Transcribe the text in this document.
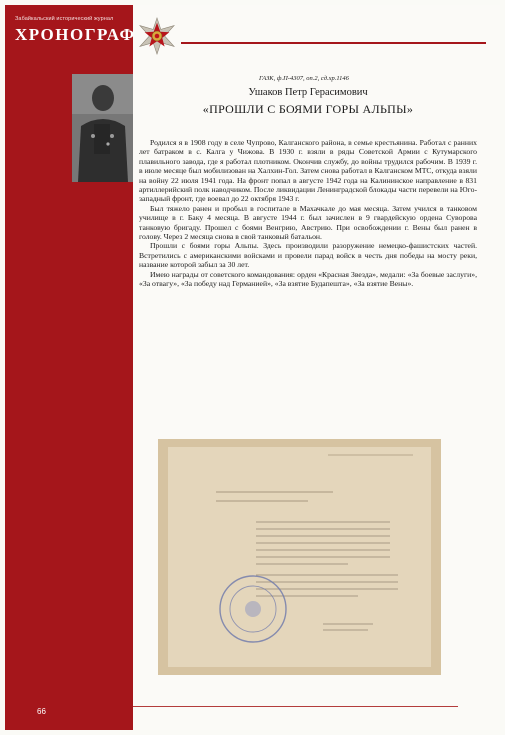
Забайкальский исторический журнал
ХРОНОГРАФ
66
ГАЗК, ф.П-4307, оп.2, сд.хр.1146
Ушаков Петр Герасимович
«ПРОШЛИ С БОЯМИ ГОРЫ АЛЬПЫ»

Родился я в 1908 году в селе Чупрово, Калганского района, в семье крестьянина. Работал с ранних лет батраком в с. Калга у Чижова. В 1930 г. взяли в ряды Советской Армии с Кутумарского плавильного завода, где я работал плотником. Окончив службу, до войны трудился рабочим. В 1939 г. в июле месяце был мобилизован на Халхин-Гол. Затем снова работал в Калганском МТС, откуда взяли на войну 22 июля 1941 года. На фронт попал в августе 1942 года на Калининское направление в 831 артиллерийский полк наводчиком. После ликвидации Ленинградской блокады части перевели на Юго-западный фронт, где воевал до 22 октября 1943 г.

Был тяжело ранен и пробыл в госпитале в Махачкале до мая месяца. Затем учился в танковом училище в г. Баку 4 месяца. В августе 1944 г. был зачислен в 9 гвардейскую ордена Суворова танковую бригаду. Прошел с боями Венгрию, Австрию. При освобождении г. Вены был ранен в голову. Через 2 месяца снова в свой танковый батальон.

Прошли с боями горы Альпы. Здесь производили разоружение немецко-фашистских частей. Встретились с американскими войсками и провели парад войск в честь дня победы на мосту реки, название которой забыл за 30 лет.

Имею награды от советского командования: орден «Красная Звезда», медали: «За боевые заслуги», «За отвагу», «За победу над Германией», «За взятие Будапешта», «За взятие Вены».
